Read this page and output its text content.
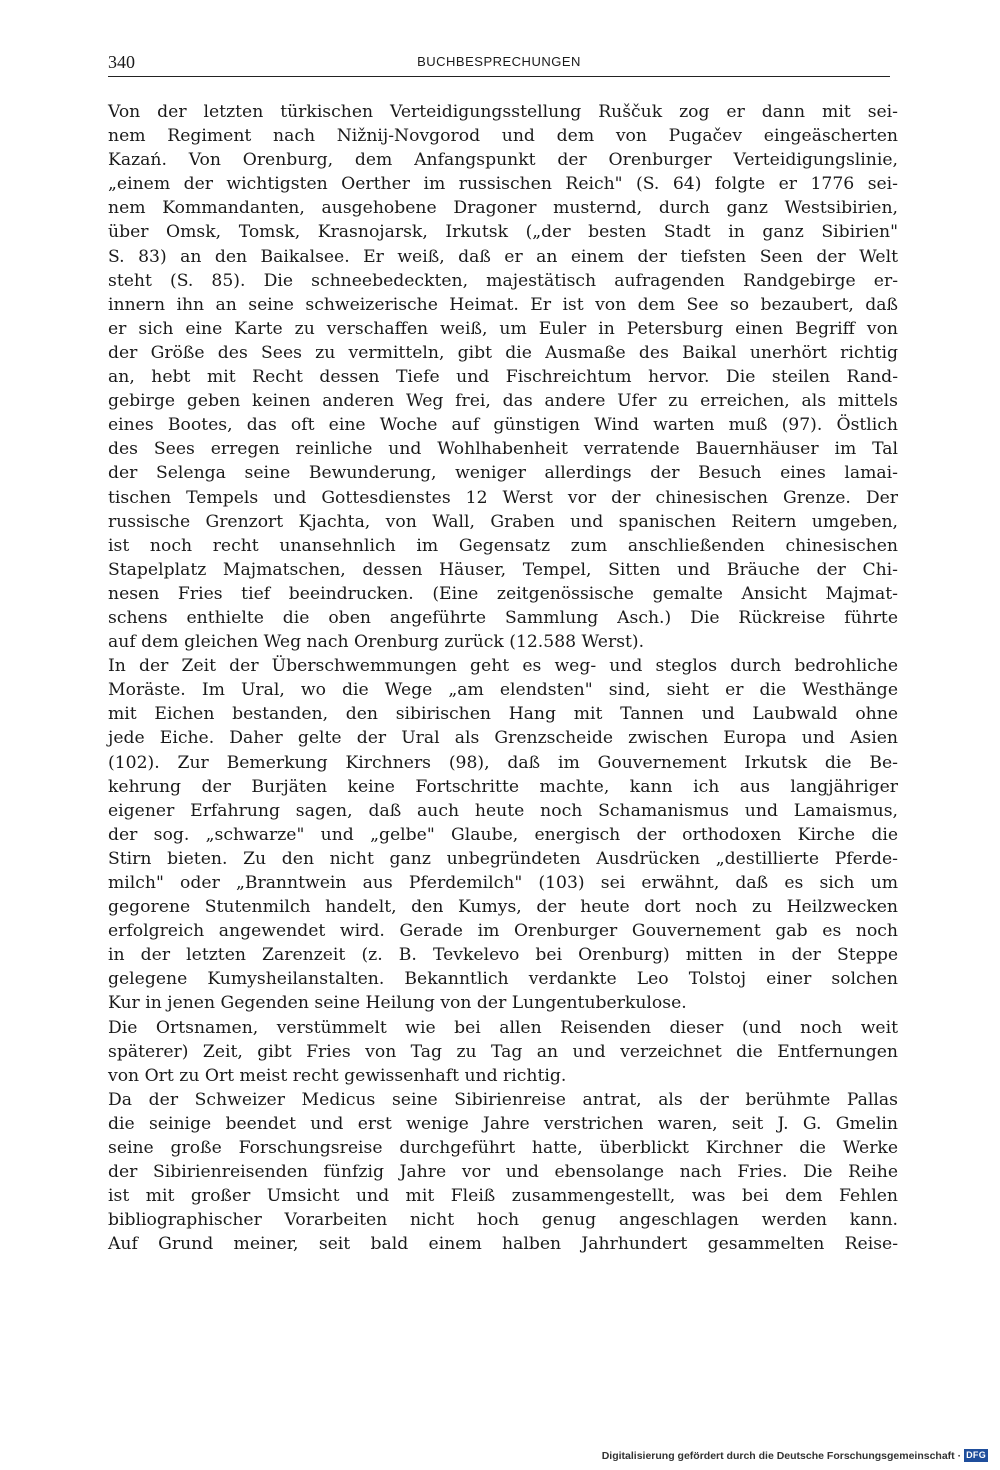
340	BUCHBESPRECHUNGEN
Von der letzten türkischen Verteidigungsstellung Ruščuk zog er dann mit sei-
nem Regiment nach Nižnij-Novgorod und dem von Pugačev eingeäscherten
Kazań. Von Orenburg, dem Anfangspunkt der Orenburger Verteidigungslinie,
„einem der wichtigsten Oerther im russischen Reich" (S. 64) folgte er 1776 sei-
nem Kommandanten, ausgehobene Dragoner musternd, durch ganz Westsibirien,
über Omsk, Tomsk, Krasnojarsk, Irkutsk („der besten Stadt in ganz Sibirien"
S. 83) an den Baikalsee. Er weiß, daß er an einem der tiefsten Seen der Welt
steht (S. 85). Die schneebedeckten, majestätisch aufragenden Randgebirge er-
innern ihn an seine schweizerische Heimat. Er ist von dem See so bezaubert, daß
er sich eine Karte zu verschaffen weiß, um Euler in Petersburg einen Begriff von
der Größe des Sees zu vermitteln, gibt die Ausmaße des Baikal unerhört richtig
an, hebt mit Recht dessen Tiefe und Fischreichtum hervor. Die steilen Rand-
gebirge geben keinen anderen Weg frei, das andere Ufer zu erreichen, als mittels
eines Bootes, das oft eine Woche auf günstigen Wind warten muß (97). Östlich
des Sees erregen reinliche und Wohlhabenheit verratende Bauernhäuser im Tal
der Selenga seine Bewunderung, weniger allerdings der Besuch eines lamai-
tischen Tempels und Gottesdienstes 12 Werst vor der chinesischen Grenze. Der
russische Grenzort Kjachta, von Wall, Graben und spanischen Reitern umgeben,
ist noch recht unansehnlich im Gegensatz zum anschließenden chinesischen
Stapelplatz Majmatschen, dessen Häuser, Tempel, Sitten und Bräuche der Chi-
nesen Fries tief beeindrucken. (Eine zeitgenössische gemalte Ansicht Majmat-
schens enthielte die oben angeführte Sammlung Asch.) Die Rückreise führte
auf dem gleichen Weg nach Orenburg zurück (12.588 Werst).
In der Zeit der Überschwemmungen geht es weg- und steglos durch bedrohliche
Moräste. Im Ural, wo die Wege „am elendsten" sind, sieht er die Westhänge
mit Eichen bestanden, den sibirischen Hang mit Tannen und Laubwald ohne
jede Eiche. Daher gelte der Ural als Grenzscheide zwischen Europa und Asien
(102). Zur Bemerkung Kirchners (98), daß im Gouvernement Irkutsk die Be-
kehrung der Burjäten keine Fortschritte machte, kann ich aus langjähriger
eigener Erfahrung sagen, daß auch heute noch Schamanismus und Lamaismus,
der sog. „schwarze" und „gelbe" Glaube, energisch der orthodoxen Kirche die
Stirn bieten. Zu den nicht ganz unbegründeten Ausdrücken „destillierte Pferde-
milch" oder „Branntwein aus Pferdemilch" (103) sei erwähnt, daß es sich um
gegorene Stutenmilch handelt, den Kumys, der heute dort noch zu Heilzwecken
erfolgreich angewendet wird. Gerade im Orenburger Gouvernement gab es noch
in der letzten Zarenzeit (z. B. Tevkelevo bei Orenburg) mitten in der Steppe
gelegene Kumysheilanstalten. Bekanntlich verdankte Leo Tolstoj einer solchen
Kur in jenen Gegenden seine Heilung von der Lungentuberkulose.
Die Ortsnamen, verstümmelt wie bei allen Reisenden dieser (und noch weit
späterer) Zeit, gibt Fries von Tag zu Tag an und verzeichnet die Entfernungen
von Ort zu Ort meist recht gewissenhaft und richtig.
Da der Schweizer Medicus seine Sibirienreise antrat, als der berühmte Pallas
die seinige beendet und erst wenige Jahre verstrichen waren, seit J. G. Gmelin
seine große Forschungsreise durchgeführt hatte, überblickt Kirchner die Werke
der Sibirienreisenden fünfzig Jahre vor und ebensolange nach Fries. Die Reihe
ist mit großer Umsicht und mit Fleiß zusammengestellt, was bei dem Fehlen
bibliographischer Vorarbeiten nicht hoch genug angeschlagen werden kann.
Auf Grund meiner, seit bald einem halben Jahrhundert gesammelten Reise-
Digitalisierung gefördert durch die Deutsche Forschungsgemeinschaft · DFG
